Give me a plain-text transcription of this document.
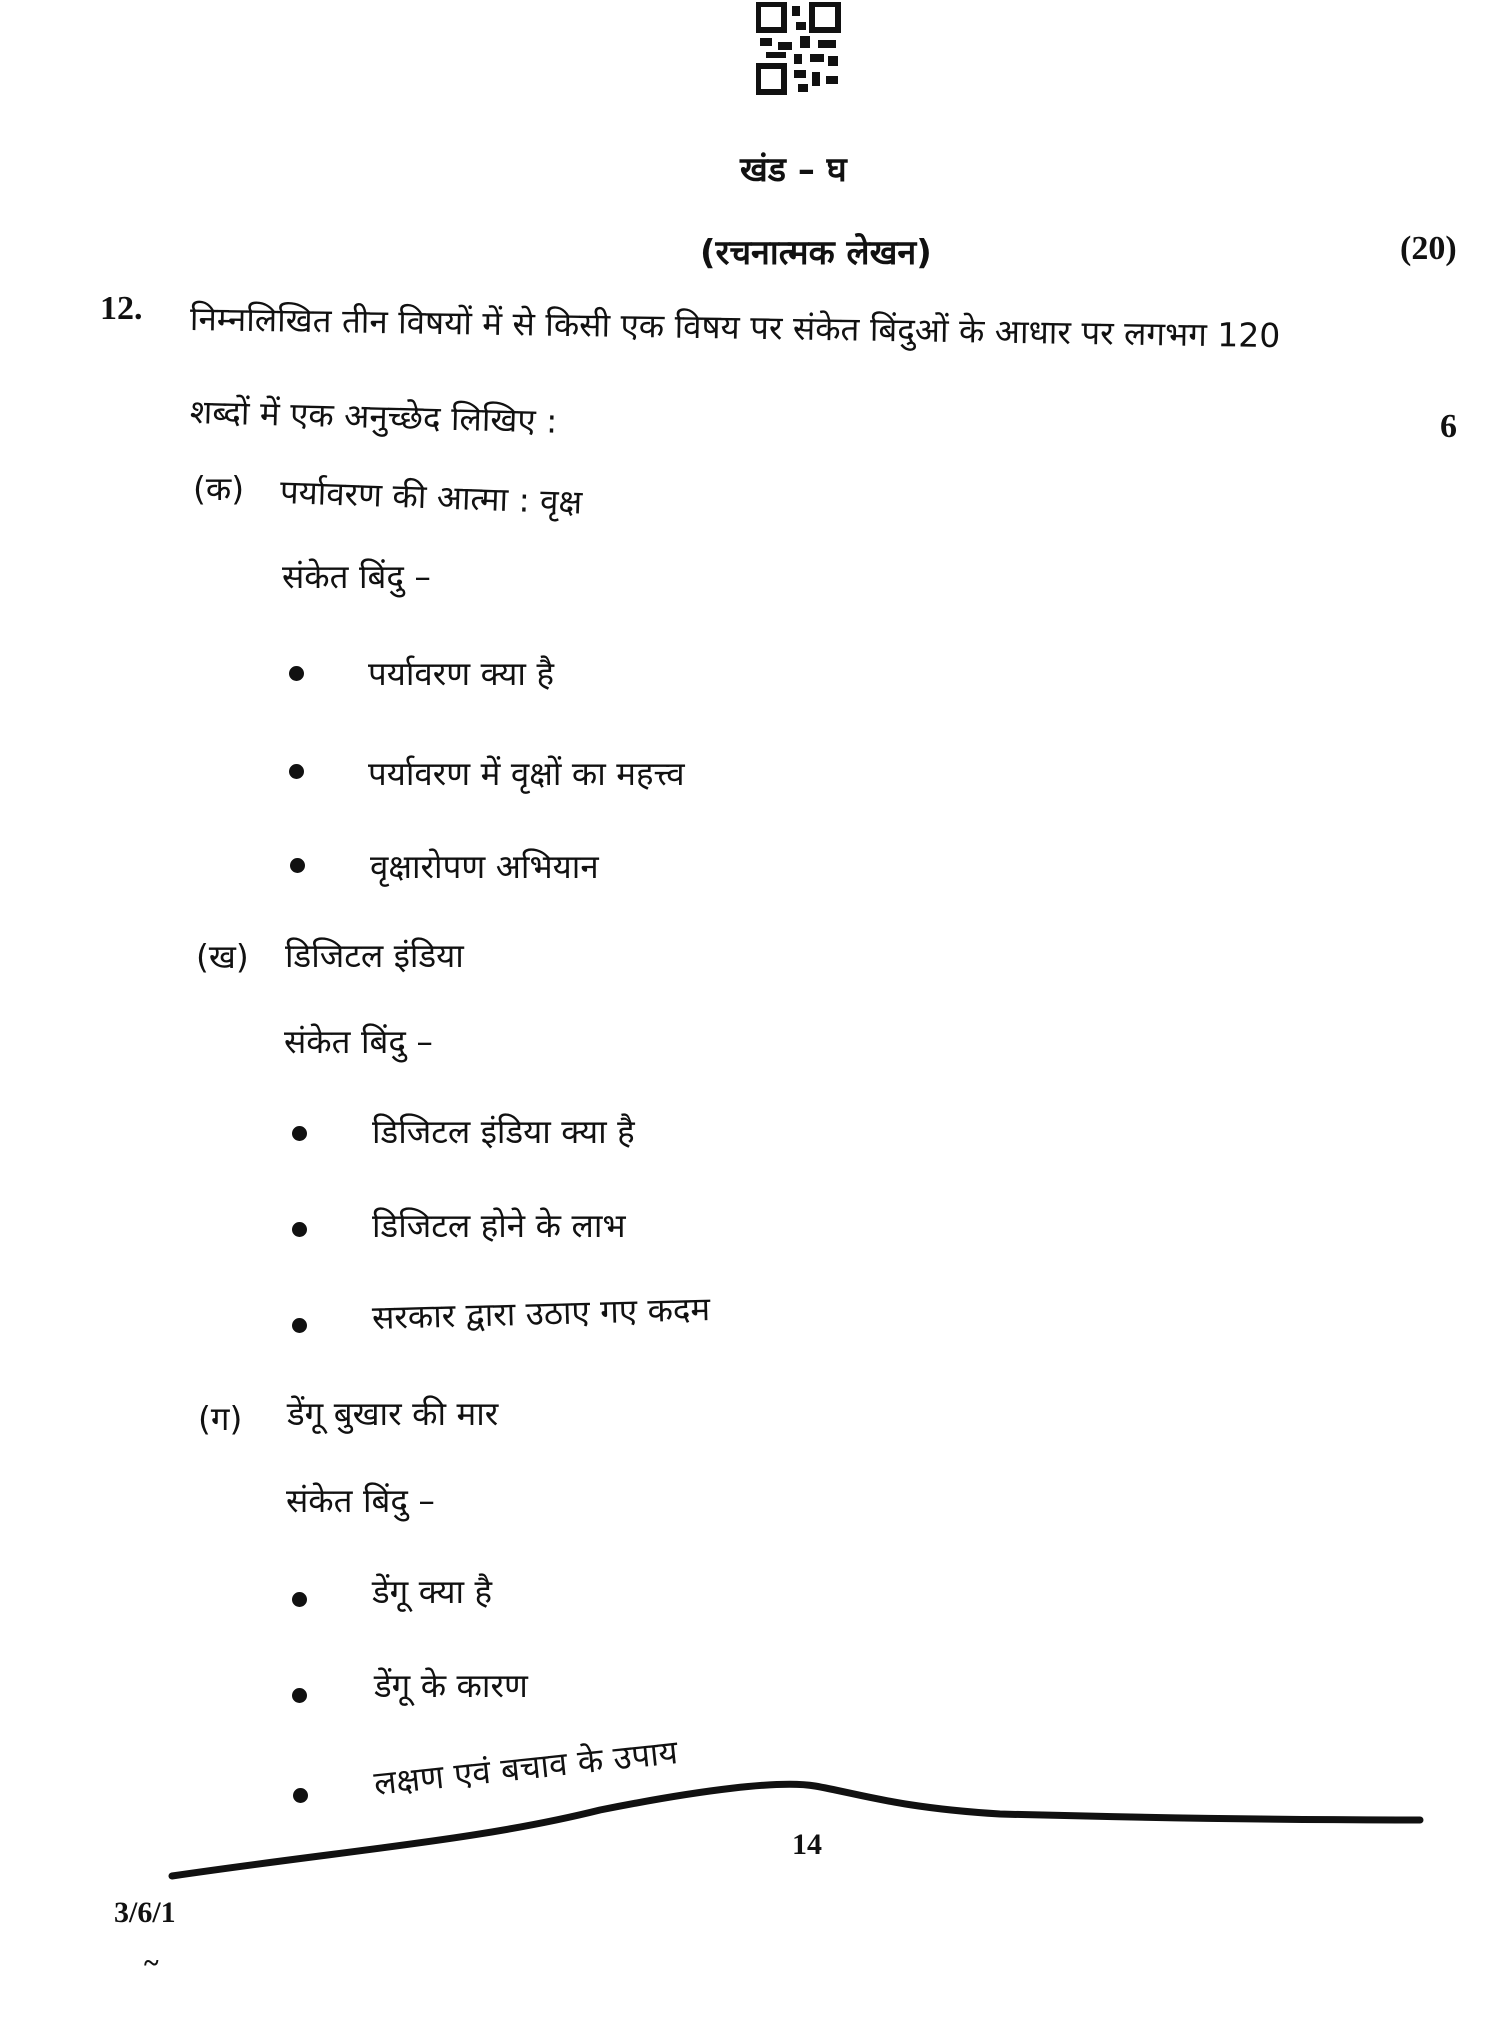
खंड – घ
(रचनात्मक लेखन)	(20)
12. निम्नलिखित तीन विषयों में से किसी एक विषय पर संकेत बिंदुओं के आधार पर लगभग 120
शब्दों में एक अनुच्छेद लिखिए :	6
(क) पर्यावरण की आत्मा : वृक्ष
संकेत बिंदु –
पर्यावरण क्या है
पर्यावरण में वृक्षों का महत्त्व
वृक्षारोपण अभियान
(ख) डिजिटल इंडिया
संकेत बिंदु –
डिजिटल इंडिया क्या है
डिजिटल होने के लाभ
सरकार द्वारा उठाए गए कदम
(ग) डेंगू बुखार की मार
संकेत बिंदु –
डेंगू क्या है
डेंगू के कारण
लक्षण एवं बचाव के उपाय
14
3/6/1
~
